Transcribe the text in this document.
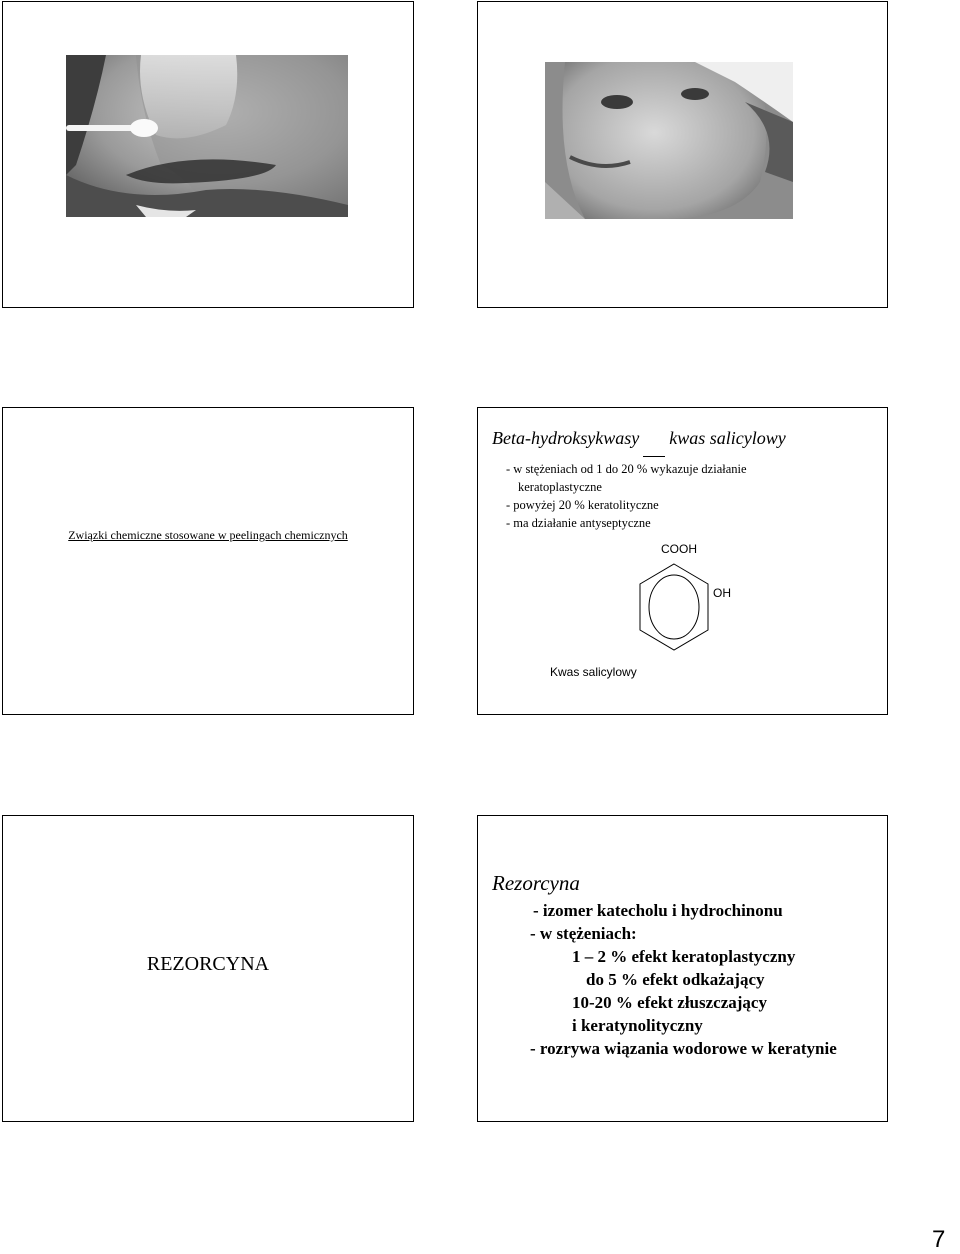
Związki chemiczne stosowane w peelingach chemicznych
Beta-hydroksykwasy kwas salicylowy
- w stężeniach od 1 do 20 % wykazuje działanie
keratoplastyczne
- powyżej 20 % keratolityczne
- ma działanie antyseptyczne
COOH
OH
Kwas salicylowy
REZORCYNA
Rezorcyna
- izomer katecholu i hydrochinonu
- w stężeniach:
1 – 2 % efekt keratoplastyczny
do 5 % efekt odkażający
10-20 % efekt złuszczający
i keratynolityczny
- rozrywa wiązania wodorowe w keratynie
7
